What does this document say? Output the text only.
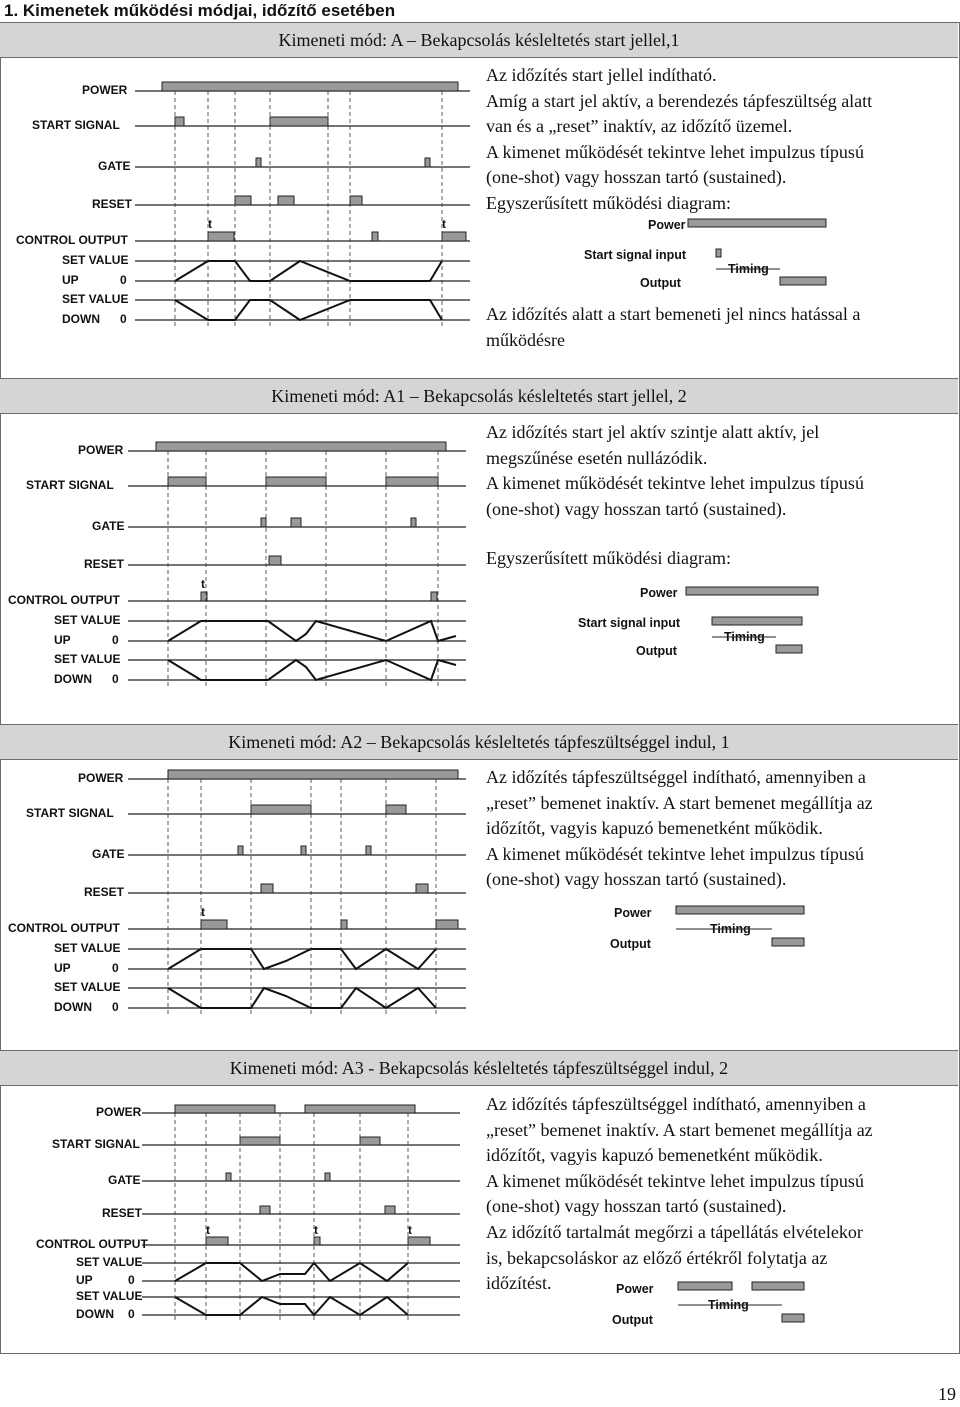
1. Kimenetek működési módjai, időzítő esetében
Kimeneti mód: A – Bekapcsolás késleltetés start jellel,1
Kimeneti mód: A1 – Bekapcsolás késleltetés start jellel, 2
Kimeneti mód: A2 – Bekapcsolás késleltetés tápfeszültséggel indul, 1
Kimeneti mód: A3 - Bekapcsolás késleltetés tápfeszültséggel indul, 2

Az időzítés start jellel indítható.

Amíg a start jel aktív, a berendezés tápfeszültség alatt

van és a „reset” inaktív, az időzítő üzemel.

A kimenet működését tekintve lehet impulzus típusú

(one-shot) vagy hosszan tartó (sustained).

Egyszerűsített működési diagram:

Az időzítés alatt a start bemeneti jel nincs hatással a működésre

Az időzítés start jel aktív szintje alatt aktív, jel

megszűnése esetén nullázódik.

A kimenet működését tekintve lehet impulzus típusú

(one-shot) vagy hosszan tartó (sustained).

Egyszerűsített működési diagram:

Az időzítés tápfeszültséggel indítható, amennyiben a

„reset” bemenet inaktív. A start bemenet megállítja az

időzítőt, vagyis kapuzó bemenetként működik.

A kimenet működését tekintve lehet impulzus típusú

(one-shot) vagy hosszan tartó (sustained).

Az időzítés tápfeszültséggel indítható, amennyiben a

„reset” bemenet inaktív. A start bemenet megállítja az

időzítőt, vagyis kapuzó bemenetként működik.

A kimenet működését tekintve lehet impulzus típusú

(one-shot) vagy hosszan tartó (sustained).

Az időzítő tartalmát megőrzi a tápellátás elvételekor

is, bekapcsoláskor az előző értékről folytatja az

időzítést.

POWER
START SIGNAL
GATE
RESET
CONTROL OUTPUT
SET VALUE
UP	0
SET VALUE
DOWN 0
t	t
POWER
START SIGNAL
GATE
RESET
CONTROL OUTPUT
SET VALUE
UP	0
SET VALUE
DOWN 0
t
POWER
START SIGNAL
GATE
RESET
CONTROL OUTPUT
SET VALUE
UP	0
SET VALUE
DOWN 0
t
POWER
START SIGNAL
GATE
RESET
CONTROL OUTPUT
SET VALUE
UP	0
SET VALUE
DOWN 0
t	t	t
Power
Start signal input
Output
Timing
Power
Start signal input
Output
Timing
Power
Output
Timing
Power
Output
Timing
19
